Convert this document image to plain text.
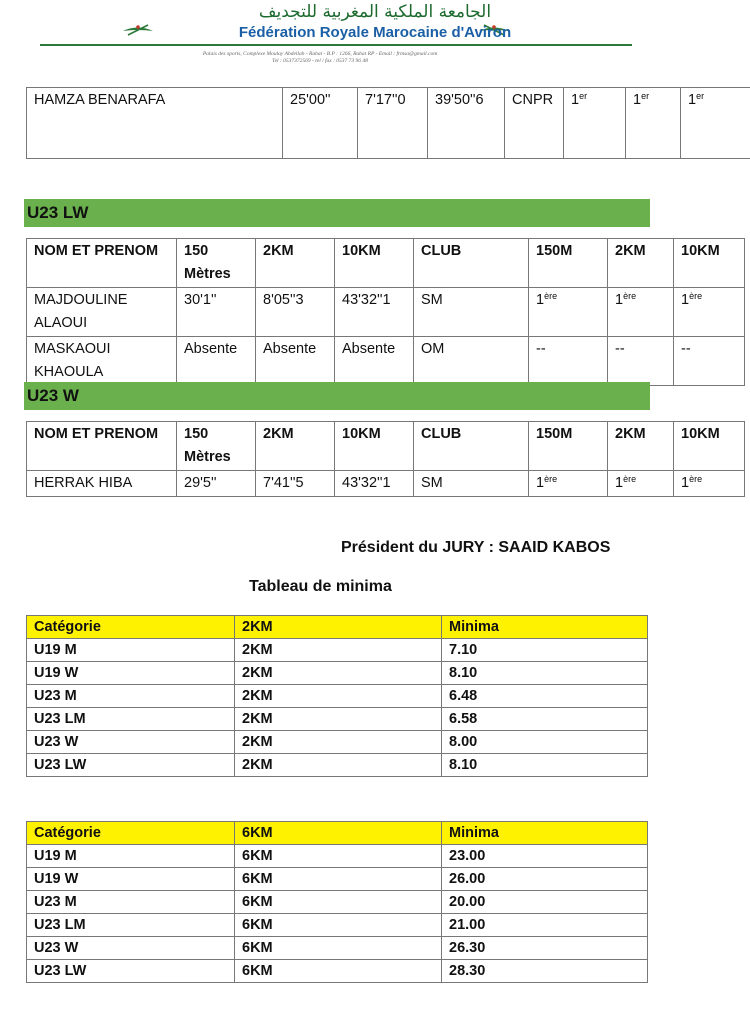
الجامعة الملكية المغربية للتجديف
Fédération Royale Marocaine d'Aviron
Palais des sports, Complexe Moulay Abdellah - Rabat - B.P : 1266, Rabat RP - Email : frmsa@gmail.com
Tel : 0537372569 - tel / fax : 0537 73 96 48
HAMZA BENARAFA	25'00''	7'17''0	39'50''6	CNPR	1er	1er	1er
U23 LW
NOM ET PRENOM	150 Mètres	2KM	10KM	CLUB	150M	2KM	10KM
MAJDOULINE ALAOUI	30'1''	8'05''3	43'32''1	SM	1ère	1ère	1ère
MASKAOUI KHAOULA	Absente	Absente	Absente	OM	--	--	--
U23 W
NOM ET PRENOM	150 Mètres	2KM	10KM	CLUB	150M	2KM	10KM
HERRAK HIBA	29'5''	7'41''5	43'32''1	SM	1ère	1ère	1ère
Président du JURY : SAAID KABOS
Tableau de minima
Catégorie	2KM	Minima
U19 M	2KM	7.10
U19 W	2KM	8.10
U23 M	2KM	6.48
U23 LM	2KM	6.58
U23 W	2KM	8.00
U23 LW	2KM	8.10
Catégorie	6KM	Minima
U19 M	6KM	23.00
U19 W	6KM	26.00
U23 M	6KM	20.00
U23 LM	6KM	21.00
U23 W	6KM	26.30
U23 LW	6KM	28.30
